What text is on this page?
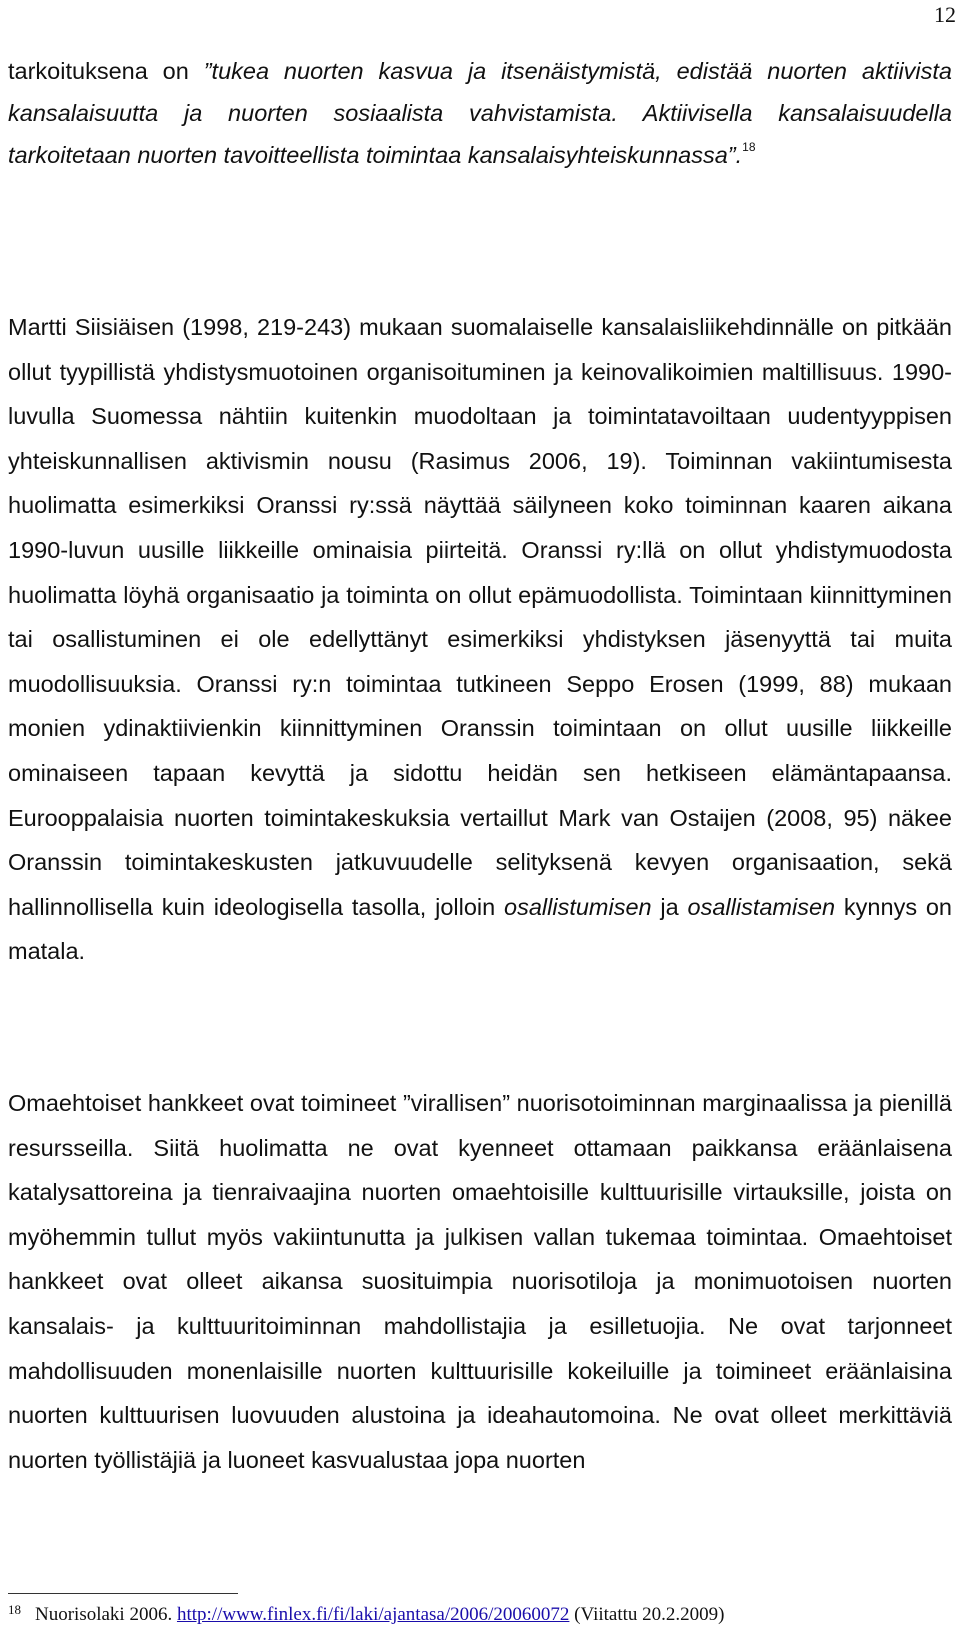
12

tarkoituksena on ”tukea nuorten kasvua ja itsenäistymistä, edistää nuorten aktiivista kansalaisuutta ja nuorten sosiaalista vahvistamista. Aktiivisella kansalaisuudella tarkoitetaan nuorten tavoitteellista toimintaa kansalaisyhteiskunnassa”.$^{18}$

Martti Siisiäisen (1998, 219-243) mukaan suomalaiselle kansalaisliikehdinnälle on pitkään ollut tyypillistä yhdistysmuotoinen organisoituminen ja keinovalikoimien maltillisuus. 1990-luvulla Suomessa nähtiin kuitenkin muodoltaan ja toimintatavoiltaan uudentyyppisen yhteiskunnallisen aktivismin nousu (Rasimus 2006, 19). Toiminnan vakiintumisesta huolimatta esimerkiksi Oranssi ry:ssä näyttää säilyneen koko toiminnan kaaren aikana 1990-luvun uusille liikkeille ominaisia piirteitä. Oranssi ry:llä on ollut yhdistymuodosta huolimatta löyhä organisaatio ja toiminta on ollut epämuodollista. Toimintaan kiinnittyminen tai osallistuminen ei ole edellyttänyt esimerkiksi yhdistyksen jäsenyyttä tai muita muodollisuuksia. Oranssi ry:n toimintaa tutkineen Seppo Erosen (1999, 88) mukaan monien ydinaktiivienkin kiinnittyminen Oranssin toimintaan on ollut uusille liikkeille ominaiseen tapaan kevyttä ja sidottu heidän sen hetkiseen elämäntapaansa. Eurooppalaisia nuorten toimintakeskuksia vertaillut Mark van Ostaijen (2008, 95) näkee Oranssin toimintakeskusten jatkuvuudelle selityksenä kevyen organisaation, sekä hallinnollisella kuin ideologisella tasolla, jolloin osallistumisen ja osallistamisen kynnys on matala.

Omaehtoiset hankkeet ovat toimineet ”virallisen” nuorisotoiminnan marginaalissa ja pienillä resursseilla. Siitä huolimatta ne ovat kyenneet ottamaan paikkansa eräänlaisena katalysattoreina ja tienraivaajina nuorten omaehtoisille kulttuurisille virtauksille, joista on myöhemmin tullut myös vakiintunutta ja julkisen vallan tukemaa toimintaa. Omaehtoiset hankkeet ovat olleet aikansa suosituimpia nuorisotiloja ja monimuotoisen nuorten kansalais- ja kulttuuritoiminnan mahdollistajia ja esilletuojia. Ne ovat tarjonneet mahdollisuuden monenlaisille nuorten kulttuurisille kokeiluille ja toimineet eräänlaisina nuorten kulttuurisen luovuuden alustoina ja ideahautomoina. Ne ovat olleet merkittäviä nuorten työllistäjiä ja luoneet kasvualustaa jopa nuorten

$^{18}$ Nuorisolaki 2006. http://www.finlex.fi/fi/laki/ajantasa/2006/20060072 (Viitattu 20.2.2009)
